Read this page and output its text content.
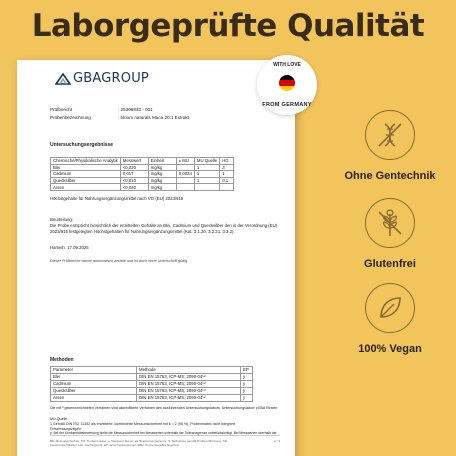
Laborgeprüfte Qualität
GBAGROUP
Prüfbericht	: 25308833 - 001
Probenbezeichnung	: bloom naturals Maca 20:1 Extrakt
Untersuchungsergebnisse
Chemische/Physikalische Analytik	Messwert	Einheit	± MU	MU Quelle	HG
Blei	<0,020	mg/kg		1	3
Cadmium	0,017	mg/kg	0,0034	1	1
Quecksilber	<0,010	mg/kg		1	0,1
Arsen	<0,040	mg/kg			
Höchstgehalte für Nahrungsergänzungsmittel nach VO (EU) 2023/915
Beurteilung:
Die Probe entspricht hinsichtlich der ermittelten Gehalte an Blei, Cadmium und Quecksilber den in der Verordnung (EU) 2023/915 festgelegten Höchstgehalten für Nahrungsergänzungsmittel (Kat. 3.1.20, 3.2.21, 3.3.2).
Hameln, 17.09.2025
Dieser Prüfbericht wurde automatisch erstellt und ist auch ohne Unterschrift gültig.
Methoden
Parameter	Methode	EP
Blei	DIN EN 15763, ICP-MS; 2090-04⁽ᵃ⁾	y
Cadmium	DIN EN 15763, ICP-MS; 2090-04⁽ᵃ⁾	y
Quecksilber	DIN EN 15763, ICP-MS; 2090-04⁽ᵃ⁾	y
Arsen	DIN EN 15763, ICP-MS; 2090-04⁽ᵃ⁾	y
Die mit ᵃ gekennzeichneten Verfahren sind akkreditierte Verfahren des ausführenden Untersuchungslabors, Untersuchungslabor: zGBA Rinteln
MU-Quelle:
1 Gemäß DIN ISO 11352 als erweiterte, kombinierte Messunsicherheit mit k = 2 (95 %), Probenmatrix nicht integriert
Entscheidungsregeln:
y: Bei der Konformitätsbewertung bleibt die Messunsicherheit bei Messwerten unterhalb der Toleranzgrenze unberücksichtigt. Bei Messwerten oberhalb der
BE: Messunsicherheit, TM: Trockenmasse, n: Messwert kleiner als Bestimmungsgrenze, S: Definiertes gemäß Prüfspezifizierung, KB: Kundenspezifikation, HG: Höchstgehalt, EP: Entscheidungsregel, EBE: Konventionelles Ergebnis
2 / 3
WITH LOVE
FROM GERMANY
Ohne Gentechnik
Glutenfrei
100% Vegan
